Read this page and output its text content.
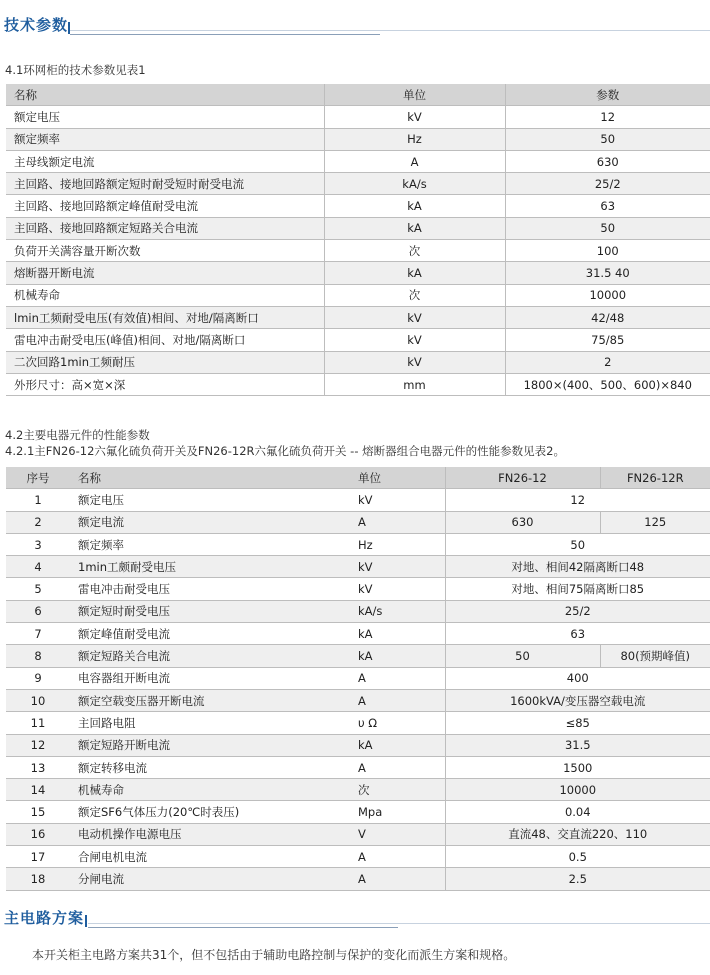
技术参数
4.1环网柜的技术参数见表1
名称	单位	参数
额定电压	kV	12
额定频率	Hz	50
主母线额定电流	A	630
主回路、接地回路额定短时耐受短时耐受电流	kA/s	25/2
主回路、接地回路额定峰值耐受电流	kA	63
主回路、接地回路额定短路关合电流	kA	50
负荷开关满容量开断次数	次	100
熔断器开断电流	kA	31.5 40
机械寿命	次	10000
lmin工频耐受电压(有效值)相间、对地/隔离断口	kV	42/48
雷电冲击耐受电压(峰值)相间、对地/隔离断口	kV	75/85
二次回路1min工频耐压	kV	2
外形尺寸：高×宽×深	mm	1800×(400、500、600)×840
4.2主要电器元件的性能参数
4.2.1主FN26-12六氟化硫负荷开关及FN26-12R六氟化硫负荷开关 -- 熔断器组合电器元件的性能参数见表2。
序号	名称	单位	FN26-12	FN26-12R
1	额定电压	kV	12	
2	额定电流	A	630	125
3	额定频率	Hz	50	
4	1min工颇耐受电压	kV	对地、相间42隔离断口48	
5	雷电冲击耐受电压	kV	对地、相间75隔离断口85	
6	额定短时耐受电压	kA/s	25/2	
7	额定峰值耐受电流	kA	63	
8	额定短路关合电流	kA	50	80(预期峰值)
9	电容器组开断电流	A	400	
10	额定空载变压器开断电流	A	1600kVA/变压器空载电流	
11	主回路电阻	υ Ω	≤85	
12	额定短路开断电流	kA	31.5	
13	额定转移电流	A	1500	
14	机械寿命	次	10000	
15	额定SF6气体压力(20℃时表压)	Mpa	0.04	
16	电动机操作电源电压	V	直流48、交直流220、110	
17	合闸电机电流	A	0.5	
18	分闸电流	A	2.5	
主电路方案
本开关柜主电路方案共31个，但不包括由于辅助电路控制与保护的变化而派生方案和规格。
